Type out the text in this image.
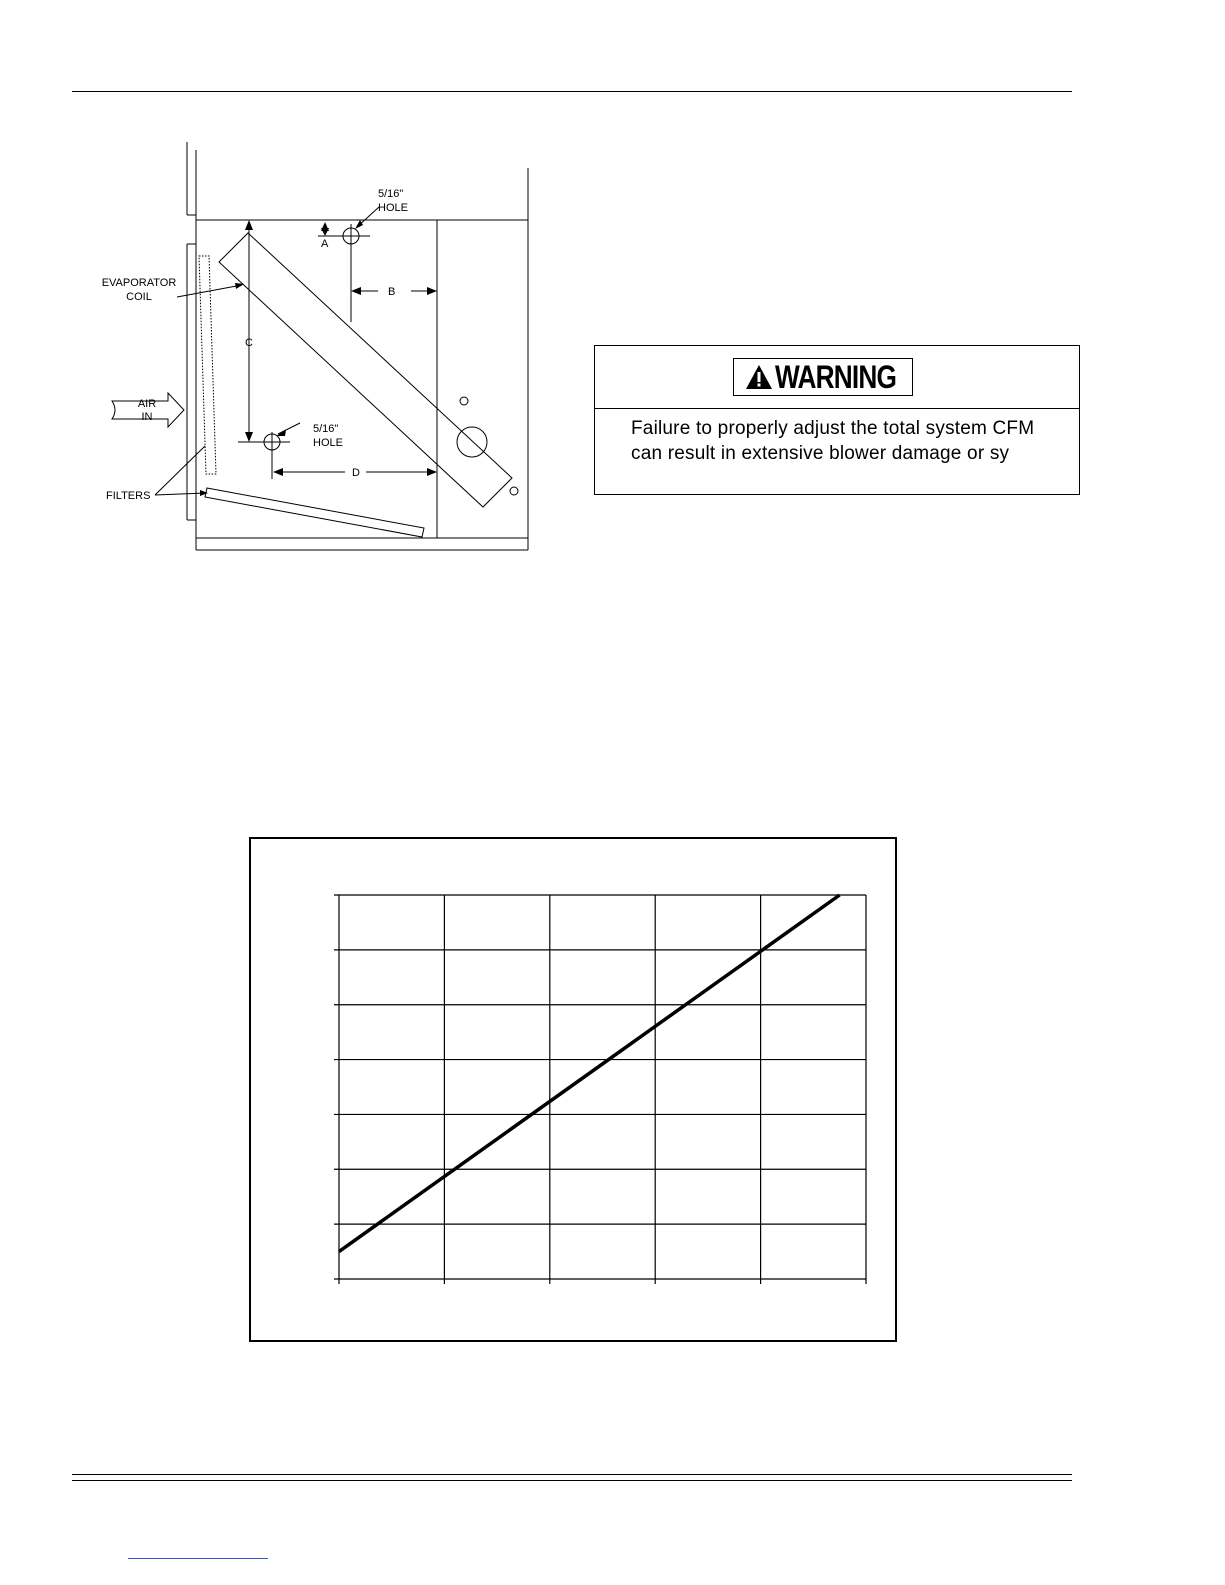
5/16"
HOLE
5/16"
HOLE
A
B
C
D
EVAPORATOR
COIL
AIR
IN
FILTERS
WARNING
Failure to properly adjust the total system CFM
can result in extensive blower damage or sy
